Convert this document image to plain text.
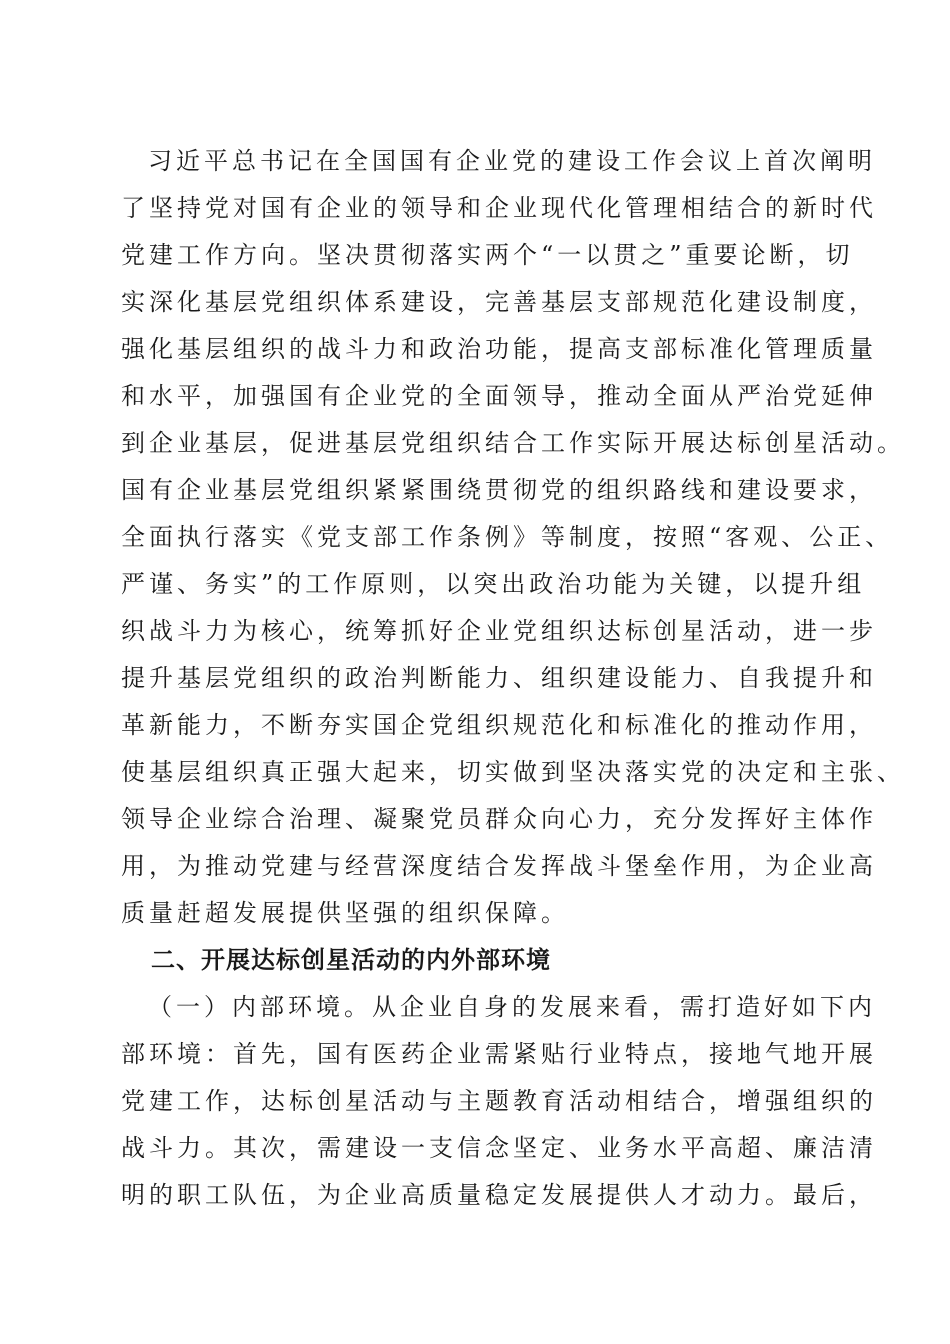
习近平总书记在全国国有企业党的建设工作会议上首次阐明
了坚持党对国有企业的领导和企业现代化管理相结合的新时代
党建工作方向。坚决贯彻落实两个“一以贯之”重要论断，切
实深化基层党组织体系建设，完善基层支部规范化建设制度，
强化基层组织的战斗力和政治功能，提高支部标准化管理质量
和水平，加强国有企业党的全面领导，推动全面从严治党延伸
到企业基层，促进基层党组织结合工作实际开展达标创星活动。
国有企业基层党组织紧紧围绕贯彻党的组织路线和建设要求，
全面执行落实《党支部工作条例》等制度，按照“客观、公正、
严谨、务实”的工作原则，以突出政治功能为关键，以提升组
织战斗力为核心，统筹抓好企业党组织达标创星活动，进一步
提升基层党组织的政治判断能力、组织建设能力、自我提升和
革新能力，不断夯实国企党组织规范化和标准化的推动作用，
使基层组织真正强大起来，切实做到坚决落实党的决定和主张、
领导企业综合治理、凝聚党员群众向心力，充分发挥好主体作
用，为推动党建与经营深度结合发挥战斗堡垒作用，为企业高
质量赶超发展提供坚强的组织保障。
二、开展达标创星活动的内外部环境
（一）内部环境。从企业自身的发展来看，需打造好如下内
部环境：首先，国有医药企业需紧贴行业特点，接地气地开展
党建工作，达标创星活动与主题教育活动相结合，增强组织的
战斗力。其次，需建设一支信念坚定、业务水平高超、廉洁清
明的职工队伍，为企业高质量稳定发展提供人才动力。最后，
